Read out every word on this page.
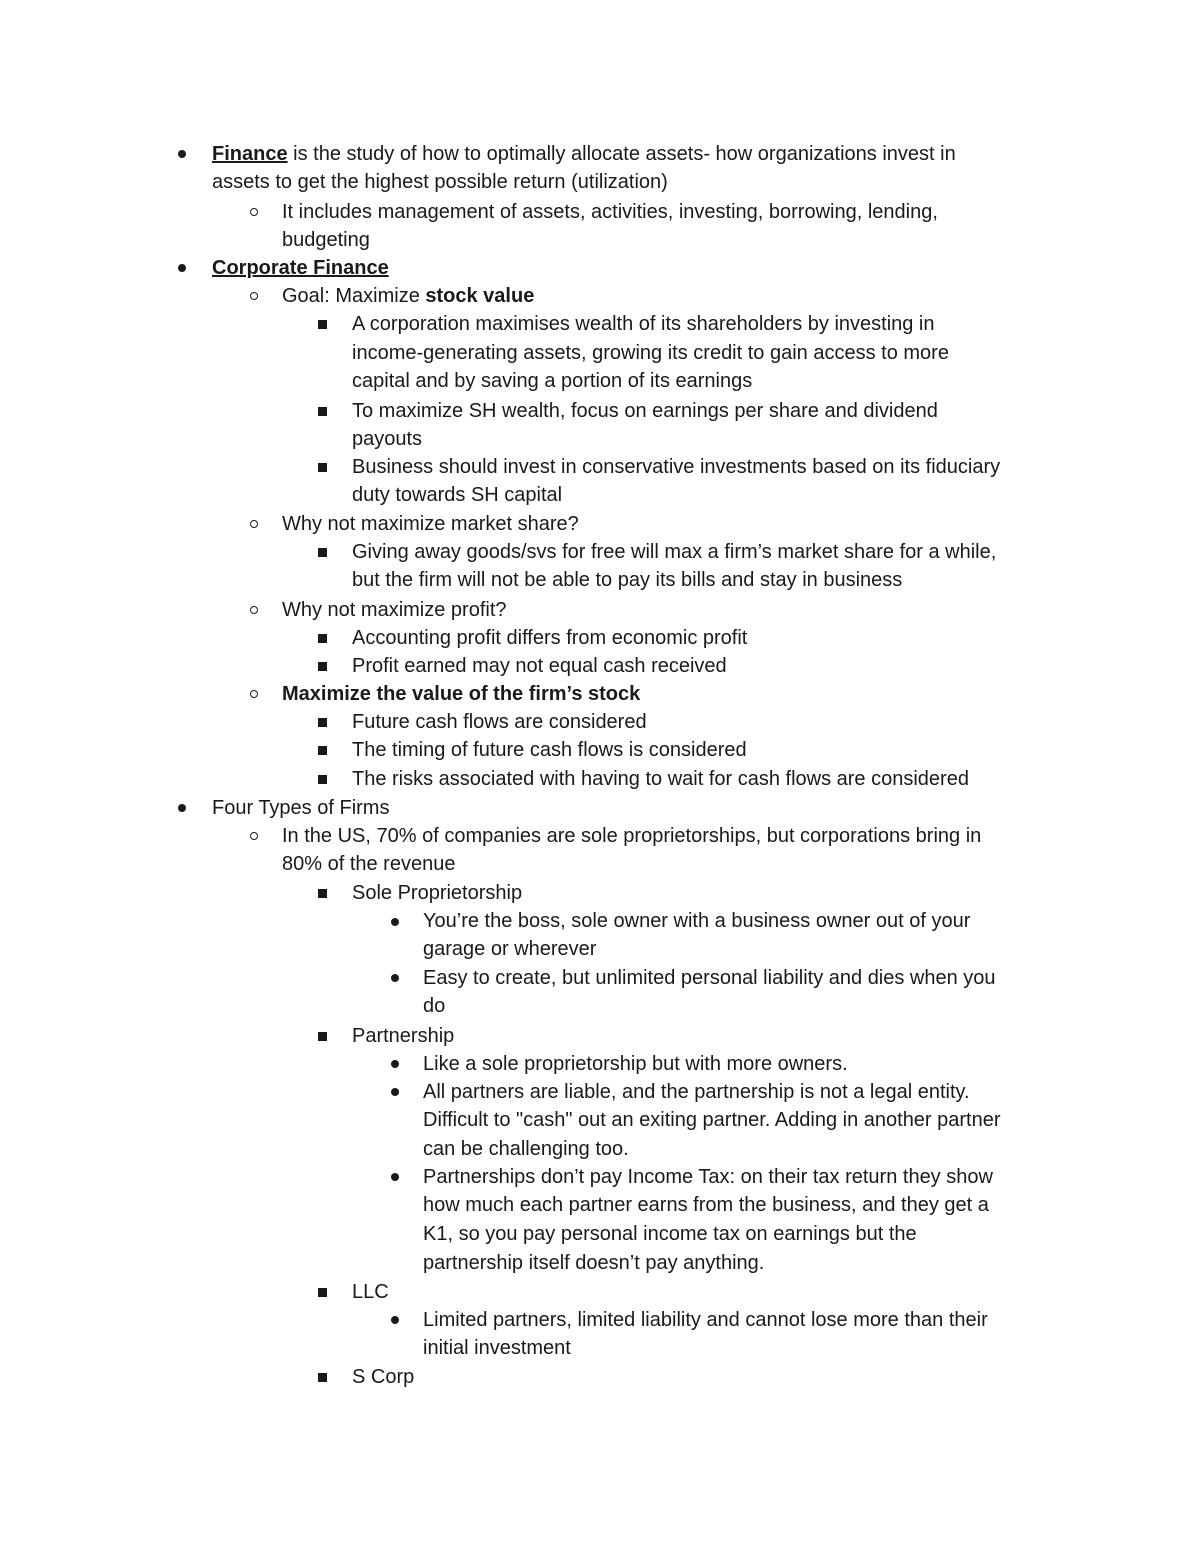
Finance is the study of how to optimally allocate assets- how organizations invest in
assets to get the highest possible return (utilization)
It includes management of assets, activities, investing, borrowing, lending,
budgeting
Corporate Finance
Goal: Maximize stock value
A corporation maximises wealth of its shareholders by investing in
income-generating assets, growing its credit to gain access to more
capital and by saving a portion of its earnings
To maximize SH wealth, focus on earnings per share and dividend
payouts
Business should invest in conservative investments based on its fiduciary
duty towards SH capital
Why not maximize market share?
Giving away goods/svs for free will max a firm’s market share for a while,
but the firm will not be able to pay its bills and stay in business
Why not maximize profit?
Accounting profit differs from economic profit
Profit earned may not equal cash received
Maximize the value of the firm’s stock
Future cash flows are considered
The timing of future cash flows is considered
The risks associated with having to wait for cash flows are considered
Four Types of Firms
In the US, 70% of companies are sole proprietorships, but corporations bring in
80% of the revenue
Sole Proprietorship
You’re the boss, sole owner with a business owner out of your
garage or wherever
Easy to create, but unlimited personal liability and dies when you
do
Partnership
Like a sole proprietorship but with more owners.
All partners are liable, and the partnership is not a legal entity.
Difficult to "cash" out an exiting partner. Adding in another partner
can be challenging too.
Partnerships don’t pay Income Tax: on their tax return they show
how much each partner earns from the business, and they get a
K1, so you pay personal income tax on earnings but the
partnership itself doesn’t pay anything.
LLC
Limited partners, limited liability and cannot lose more than their
initial investment
S Corp
